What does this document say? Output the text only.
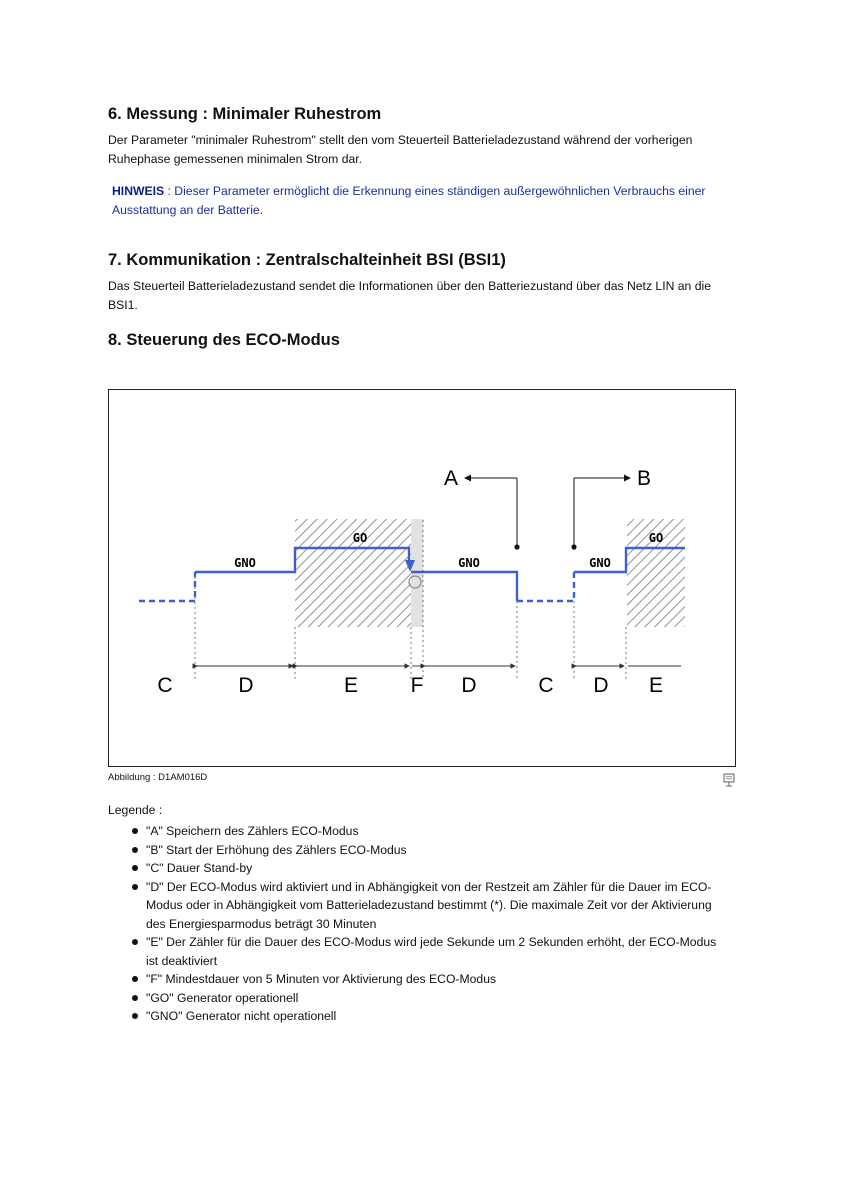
6. Messung : Minimaler Ruhestrom

Der Parameter "minimaler Ruhestrom" stellt den vom Steuerteil Batterieladezustand während der vorherigen Ruhephase gemessenen minimalen Strom dar.

HINWEIS : Dieser Parameter ermöglicht die Erkennung eines ständigen außergewöhnlichen Verbrauchs einer Ausstattung an der Batterie.

7. Kommunikation : Zentralschalteinheit BSI (BSI1)

Das Steuerteil Batterieladezustand sendet die Informationen über den Batteriezustand über das Netz LIN an die BSI1.

8. Steuerung des ECO-Modus
GNO
GO
GNO	GNO
GO
A	B
C	D	E	F D	C D E
Abbildung : D1AM016D
Legende :
"A" Speichern des Zählers ECO-Modus
"B" Start der Erhöhung des Zählers ECO-Modus
"C" Dauer Stand-by
"D" Der ECO-Modus wird aktiviert und in Abhängigkeit von der Restzeit am Zähler für die Dauer im ECO-Modus oder in Abhängigkeit vom Batterieladezustand bestimmt (*). Die maximale Zeit vor der Aktivierung des Energiesparmodus beträgt 30 Minuten
"E" Der Zähler für die Dauer des ECO-Modus wird jede Sekunde um 2 Sekunden erhöht, der ECO-Modus ist deaktiviert
"F" Mindestdauer von 5 Minuten vor Aktivierung des ECO-Modus
"GO" Generator operationell
"GNO" Generator nicht operationell
